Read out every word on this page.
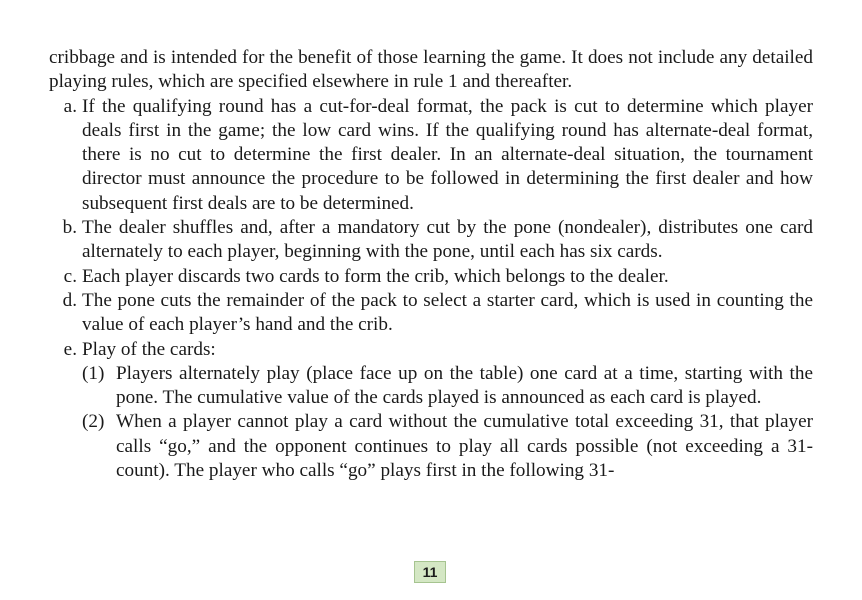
cribbage and is intended for the benefit of those learning the game. It does not include any detailed playing rules, which are specified elsewhere in rule 1 and thereafter.

a. If the qualifying round has a cut-for-deal format, the pack is cut to determine which player deals first in the game; the low card wins. If the qualifying round has alternate-deal format, there is no cut to determine the first dealer. In an alternate-deal situation, the tournament director must announce the procedure to be followed in determining the first dealer and how subsequent first deals are to be determined.
b. The dealer shuffles and, after a mandatory cut by the pone (nondealer), distributes one card alternately to each player, beginning with the pone, until each has six cards.
c. Each player discards two cards to form the crib, which belongs to the dealer.
d. The pone cuts the remainder of the pack to select a starter card, which is used in counting the value of each player’s hand and the crib.
e. Play of the cards:
(1) Players alternately play (place face up on the table) one card at a time, starting with the pone. The cumulative value of the cards played is announced as each card is played.
(2) When a player cannot play a card without the cumulative total exceeding 31, that player calls “go,” and the opponent continues to play all cards possible (not exceeding a 31-count). The player who calls “go” plays first in the following 31-
11
